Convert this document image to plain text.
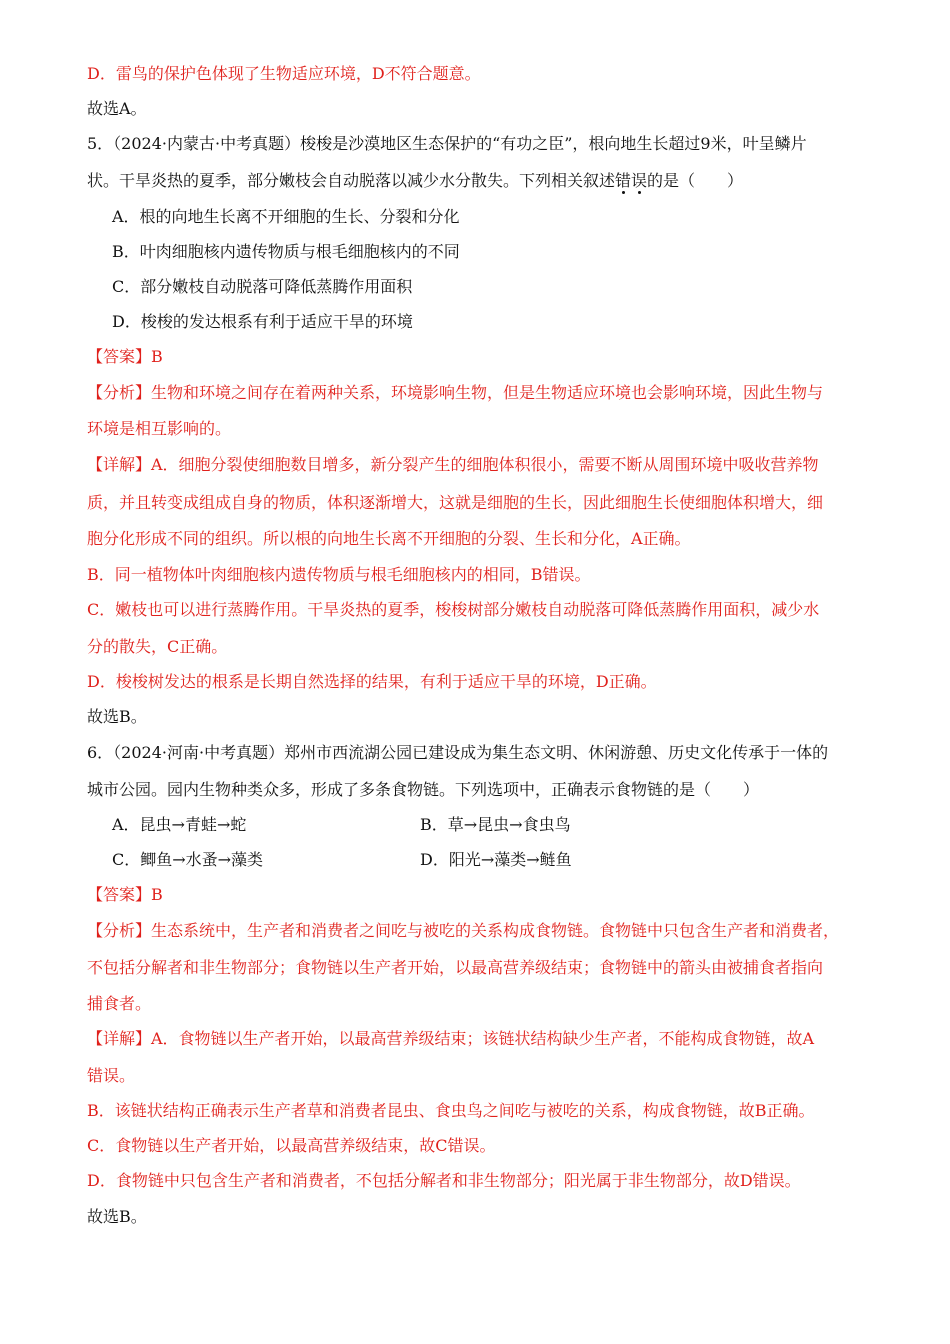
D．雷鸟的保护色体现了生物适应环境，D不符合题意。
故选A。
5．（2024·内蒙古·中考真题）梭梭是沙漠地区生态保护的“有功之臣”，根向地生长超过9米，叶呈鳞片
状。干旱炎热的夏季，部分嫩枝会自动脱落以减少水分散失。下列相关叙述错误的是（　　）
A．根的向地生长离不开细胞的生长、分裂和分化
B．叶肉细胞核内遗传物质与根毛细胞核内的不同
C．部分嫩枝自动脱落可降低蒸腾作用面积
D．梭梭的发达根系有利于适应干旱的环境
【答案】B
【分析】生物和环境之间存在着两种关系，环境影响生物，但是生物适应环境也会影响环境，因此生物与
环境是相互影响的。
【详解】A．细胞分裂使细胞数目增多，新分裂产生的细胞体积很小，需要不断从周围环境中吸收营养物
质，并且转变成组成自身的物质，体积逐渐增大，这就是细胞的生长，因此细胞生长使细胞体积增大，细
胞分化形成不同的组织。所以根的向地生长离不开细胞的分裂、生长和分化，A正确。
B．同一植物体叶肉细胞核内遗传物质与根毛细胞核内的相同，B错误。
C．嫩枝也可以进行蒸腾作用。干旱炎热的夏季，梭梭树部分嫩枝自动脱落可降低蒸腾作用面积，减少水
分的散失，C正确。
D．梭梭树发达的根系是长期自然选择的结果，有利于适应干旱的环境，D正确。
故选B。
6．（2024·河南·中考真题）郑州市西流湖公园已建设成为集生态文明、休闲游憩、历史文化传承于一体的
城市公园。园内生物种类众多，形成了多条食物链。下列选项中，正确表示食物链的是（　　）
A．昆虫→青蛙→蛇	B．草→昆虫→食虫鸟
C．鲫鱼→水蚤→藻类	D．阳光→藻类→鲢鱼
【答案】B
【分析】生态系统中，生产者和消费者之间吃与被吃的关系构成食物链。食物链中只包含生产者和消费者，
不包括分解者和非生物部分；食物链以生产者开始，以最高营养级结束；食物链中的箭头由被捕食者指向
捕食者。
【详解】A．食物链以生产者开始，以最高营养级结束；该链状结构缺少生产者，不能构成食物链，故A
错误。
B．该链状结构正确表示生产者草和消费者昆虫、食虫鸟之间吃与被吃的关系，构成食物链，故B正确。
C．食物链以生产者开始，以最高营养级结束，故C错误。
D．食物链中只包含生产者和消费者，不包括分解者和非生物部分；阳光属于非生物部分，故D错误。
故选B。
